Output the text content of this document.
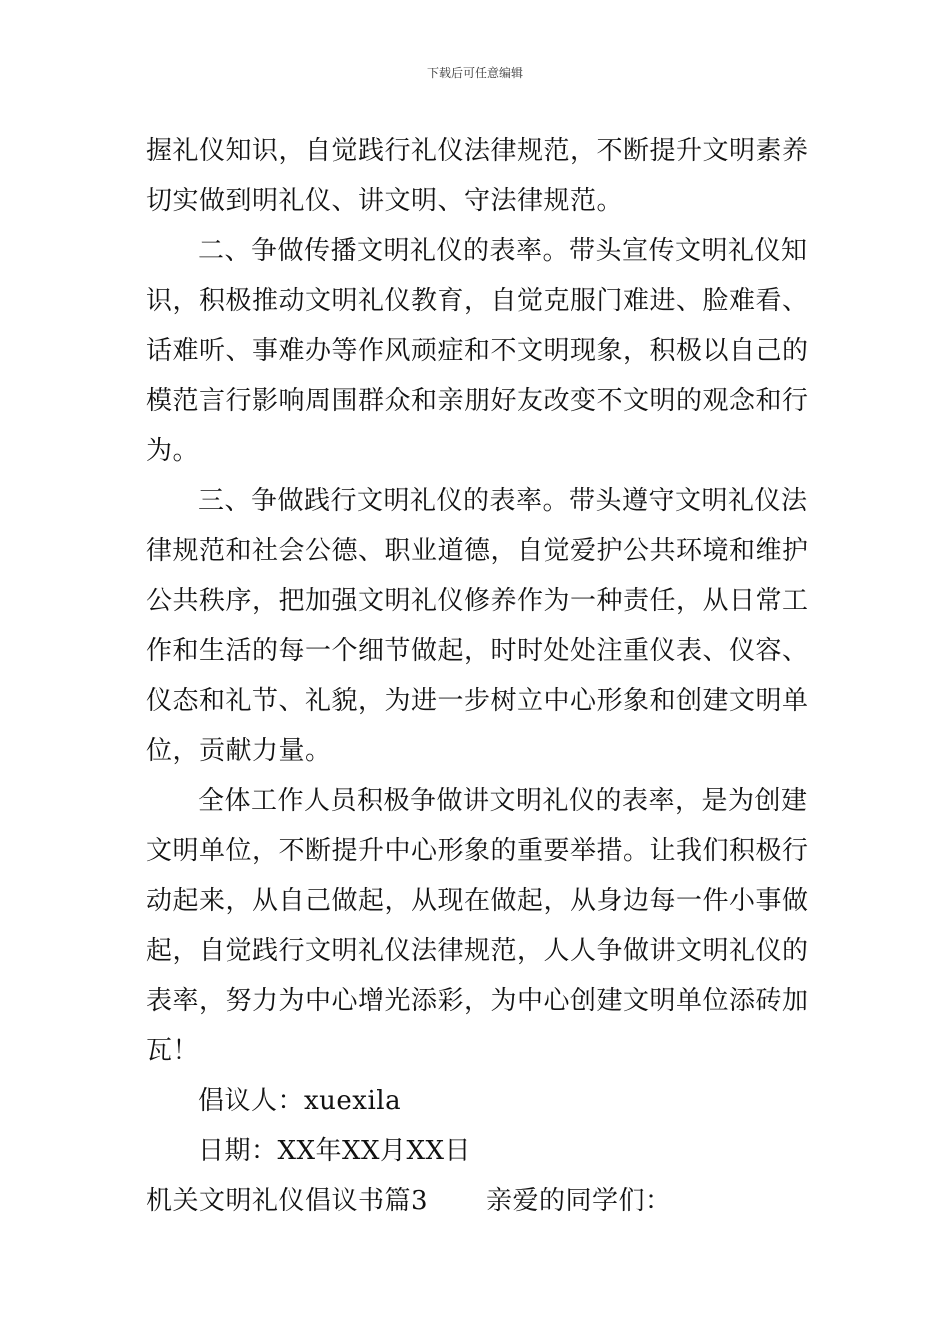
下载后可任意编辑
握礼仪知识，自觉践行礼仪法律规范，不断提升文明素养
切实做到明礼仪、讲文明、守法律规范。
二、争做传播文明礼仪的表率。带头宣传文明礼仪知
识，积极推动文明礼仪教育，自觉克服门难进、脸难看、
话难听、事难办等作风顽症和不文明现象，积极以自己的
模范言行影响周围群众和亲朋好友改变不文明的观念和行
为。
三、争做践行文明礼仪的表率。带头遵守文明礼仪法
律规范和社会公德、职业道德，自觉爱护公共环境和维护
公共秩序，把加强文明礼仪修养作为一种责任，从日常工
作和生活的每一个细节做起，时时处处注重仪表、仪容、
仪态和礼节、礼貌，为进一步树立中心形象和创建文明单
位，贡献力量。
全体工作人员积极争做讲文明礼仪的表率，是为创建
文明单位，不断提升中心形象的重要举措。让我们积极行
动起来，从自己做起，从现在做起，从身边每一件小事做
起，自觉践行文明礼仪法律规范，人人争做讲文明礼仪的
表率，努力为中心增光添彩，为中心创建文明单位添砖加
瓦！
倡议人：xuexila
日期：XX年XX月XX日
机关文明礼仪倡议书篇3 亲爱的同学们：
